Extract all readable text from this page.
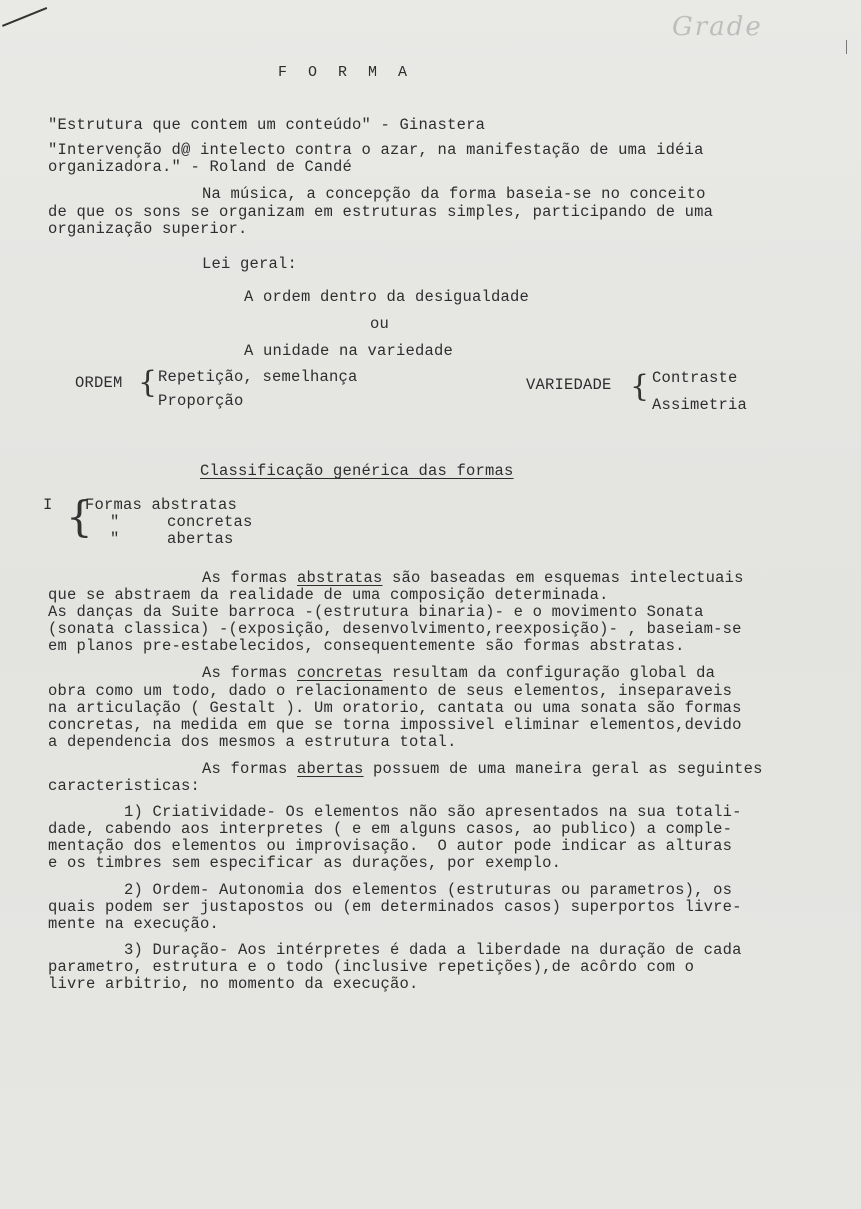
Grade
F O R M A
"Estrutura que contem um conteúdo" - Ginastera
"Intervenção d@ intelecto contra o azar, na manifestação de uma idéia
organizadora." - Roland de Candé
Na música, a concepção da forma baseia-se no conceito
de que os sons se organizam em estruturas simples, participando de uma
organização superior.
Lei geral:
A ordem dentro da desigualdade
ou
A unidade na variedade
ORDEM { Repetição, semelhança
Proporção
VARIEDADE { Contraste
Assimetria
Classificação genérica das formas
I {
Formas abstratas
"     concretas
"     abertas
As formas abstratas são baseadas em esquemas intelectuais
que se abstraem da realidade de uma composição determinada.
As danças da Suite barroca -(estrutura binaria)- e o movimento Sonata
(sonata classica) -(exposição, desenvolvimento,reexposição)- , baseiam-se
em planos pre-estabelecidos, consequentemente são formas abstratas.
As formas concretas resultam da configuração global da
obra como um todo, dado o relacionamento de seus elementos, inseparaveis
na articulação ( Gestalt ). Um oratorio, cantata ou uma sonata são formas
concretas, na medida em que se torna impossivel eliminar elementos,devido
a dependencia dos mesmos a estrutura total.
As formas abertas possuem de uma maneira geral as seguintes
caracteristicas:
1) Criatividade- Os elementos não são apresentados na sua totali-
dade, cabendo aos interpretes ( e em alguns casos, ao publico) a comple-
mentação dos elementos ou improvisação.  O autor pode indicar as alturas
e os timbres sem especificar as durações, por exemplo.
2) Ordem- Autonomia dos elementos (estruturas ou parametros), os
quais podem ser justapostos ou (em determinados casos) superportos livre-
mente na execução.
3) Duração- Aos intérpretes é dada a liberdade na duração de cada
parametro, estrutura e o todo (inclusive repetições),de acôrdo com o
livre arbitrio, no momento da execução.
